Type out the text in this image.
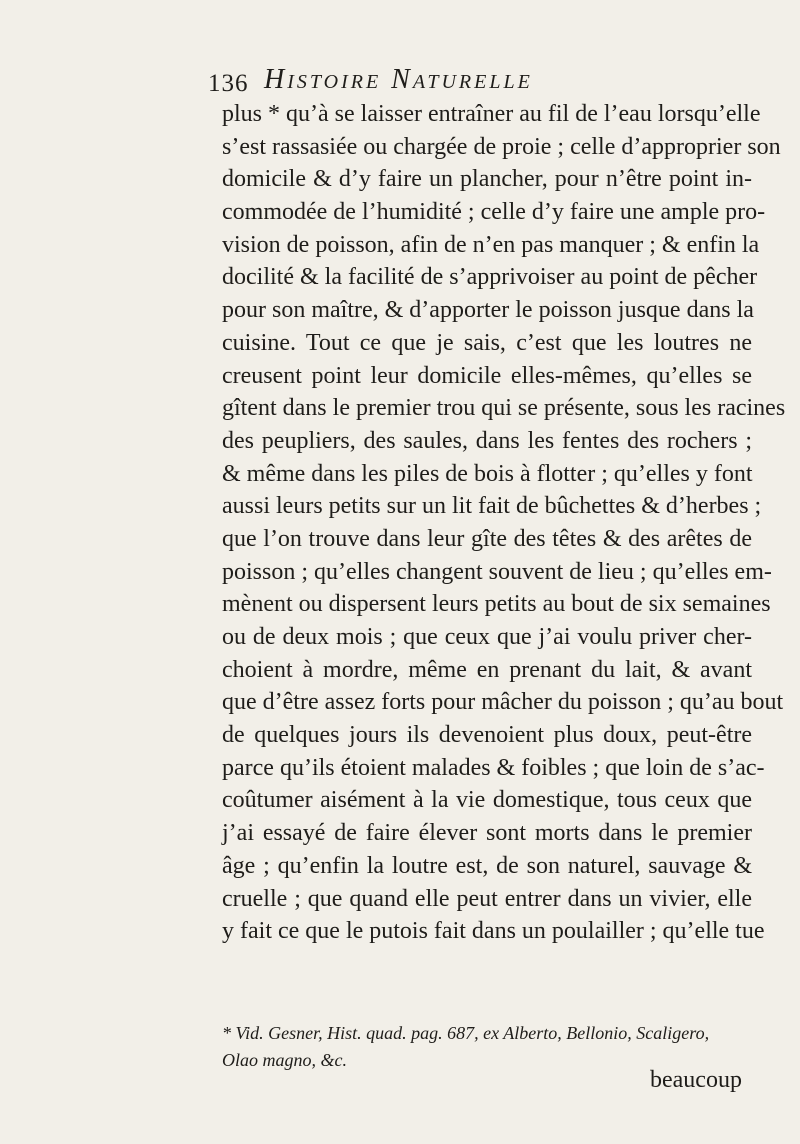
136 Histoire Naturelle
plus * qu’à se laisser entraîner au fil de l’eau lorsqu’elle
s’est rassasiée ou chargée de proie ; celle d’approprier son
domicile & d’y faire un plancher, pour n’être point in-
commodée de l’humidité ; celle d’y faire une ample pro-
vision de poisson, afin de n’en pas manquer ; & enfin la
docilité & la facilité de s’apprivoiser au point de pêcher
pour son maître, & d’apporter le poisson jusque dans la
cuisine. Tout ce que je sais, c’est que les loutres ne
creusent point leur domicile elles-mêmes, qu’elles se
gîtent dans le premier trou qui se présente, sous les racines
des peupliers, des saules, dans les fentes des rochers ;
& même dans les piles de bois à flotter ; qu’elles y font
aussi leurs petits sur un lit fait de bûchettes & d’herbes ;
que l’on trouve dans leur gîte des têtes & des arêtes de
poisson ; qu’elles changent souvent de lieu ; qu’elles em-
mènent ou dispersent leurs petits au bout de six semaines
ou de deux mois ; que ceux que j’ai voulu priver cher-
choient à mordre, même en prenant du lait, & avant
que d’être assez forts pour mâcher du poisson ; qu’au bout
de quelques jours ils devenoient plus doux, peut-être
parce qu’ils étoient malades & foibles ; que loin de s’ac-
coûtumer aisément à la vie domestique, tous ceux que
j’ai essayé de faire élever sont morts dans le premier
âge ; qu’enfin la loutre est, de son naturel, sauvage &
cruelle ; que quand elle peut entrer dans un vivier, elle
y fait ce que le putois fait dans un poulailler ; qu’elle tue
* Vid. Gesner, Hist. quad. pag. 687, ex Alberto, Bellonio, Scaligero,
Olao magno, &c.
beaucoup
